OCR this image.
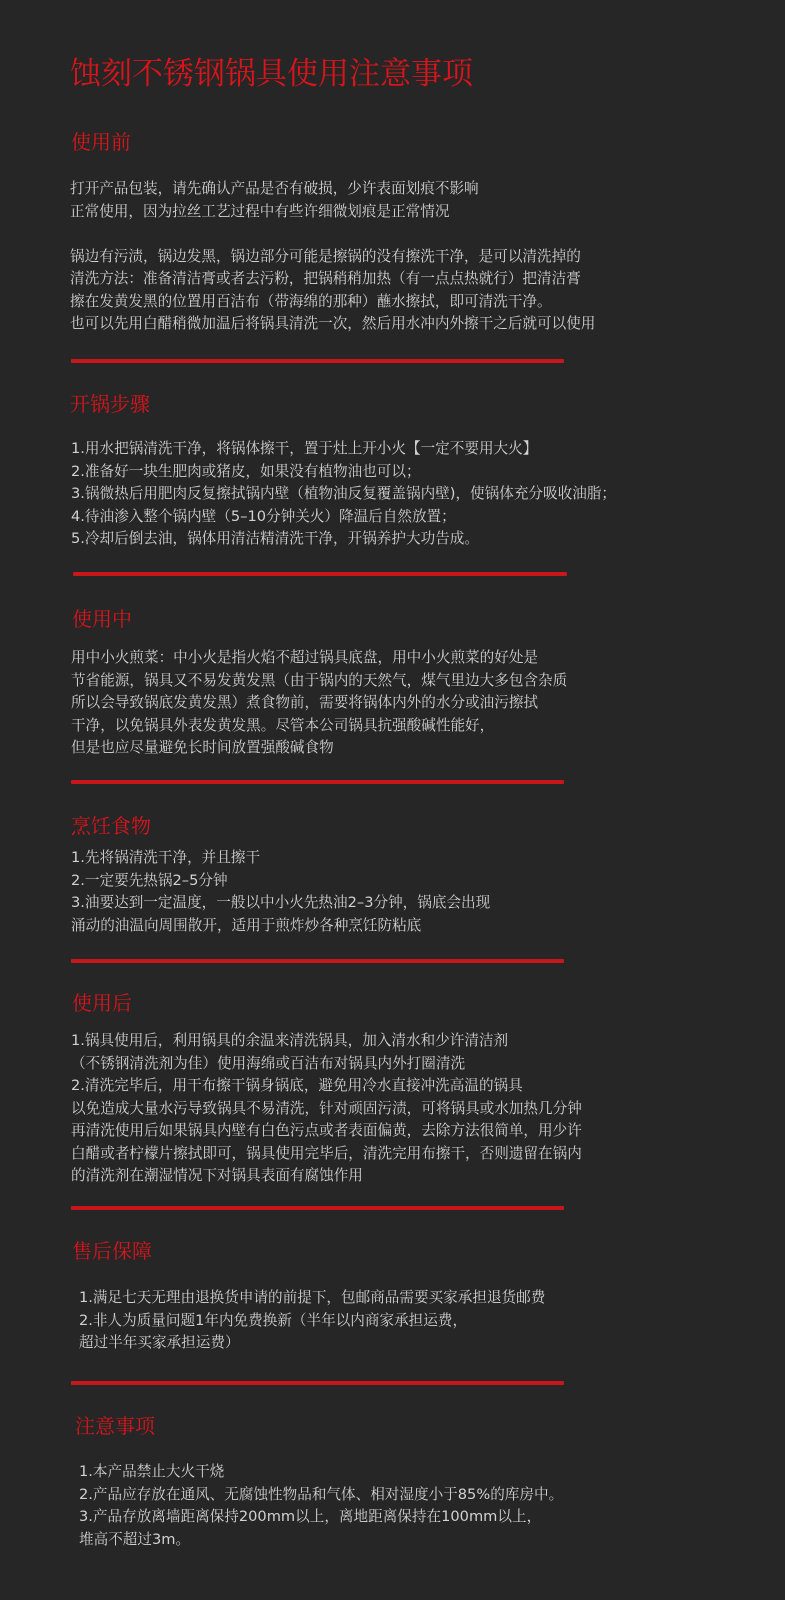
蚀刻不锈钢锅具使用注意事项
使用前
打开产品包装，请先确认产品是否有破损，少许表面划痕不影响
正常使用，因为拉丝工艺过程中有些许细微划痕是正常情况
锅边有污渍，锅边发黑，锅边部分可能是擦锅的没有擦洗干净，是可以清洗掉的
清洗方法：准备清洁膏或者去污粉，把锅稍稍加热（有一点点热就行）把清洁膏
擦在发黄发黑的位置用百洁布（带海绵的那种）蘸水擦拭，即可清洗干净。
也可以先用白醋稍微加温后将锅具清洗一次，然后用水冲内外擦干之后就可以使用
开锅步骤
1.用水把锅清洗干净，将锅体擦干，置于灶上开小火【一定不要用大火】
2.准备好一块生肥肉或猪皮，如果没有植物油也可以；
3.锅微热后用肥肉反复擦拭锅内壁（植物油反复覆盖锅内壁)，使锅体充分吸收油脂；
4.待油渗入整个锅内壁（5–10分钟关火）降温后自然放置；
5.冷却后倒去油，锅体用清洁精清洗干净，开锅养护大功告成。
使用中
用中小火煎菜：中小火是指火焰不超过锅具底盘，用中小火煎菜的好处是
节省能源，锅具又不易发黄发黑（由于锅内的天然气，煤气里边大多包含杂质
所以会导致锅底发黄发黑）煮食物前，需要将锅体内外的水分或油污擦拭
干净，以免锅具外表发黄发黑。尽管本公司锅具抗强酸碱性能好，
但是也应尽量避免长时间放置强酸碱食物
烹饪食物
1.先将锅清洗干净，并且擦干
2.一定要先热锅2–5分钟
3.油要达到一定温度，一般以中小火先热油2–3分钟，锅底会出现
涌动的油温向周围散开，适用于煎炸炒各种烹饪防粘底
使用后
1.锅具使用后，利用锅具的余温来清洗锅具，加入清水和少许清洁剂
（不锈钢清洗剂为佳）使用海绵或百洁布对锅具内外打圈清洗
2.清洗完毕后，用干布擦干锅身锅底，避免用冷水直接冲洗高温的锅具
以免造成大量水污导致锅具不易清洗，针对顽固污渍，可将锅具或水加热几分钟
再清洗使用后如果锅具内壁有白色污点或者表面偏黄，去除方法很简单，用少许
白醋或者柠檬片擦拭即可，锅具使用完毕后，清洗完用布擦干，否则遗留在锅内
的清洗剂在潮湿情况下对锅具表面有腐蚀作用
售后保障
1.满足七天无理由退换货申请的前提下，包邮商品需要买家承担退货邮费
2.非人为质量问题1年内免费换新（半年以内商家承担运费，
超过半年买家承担运费）
注意事项
1.本产品禁止大火干烧
2.产品应存放在通风、无腐蚀性物品和气体、相对湿度小于85%的库房中。
3.产品存放离墙距离保持200mm以上，离地距离保持在100mm以上，
堆高不超过3m。
